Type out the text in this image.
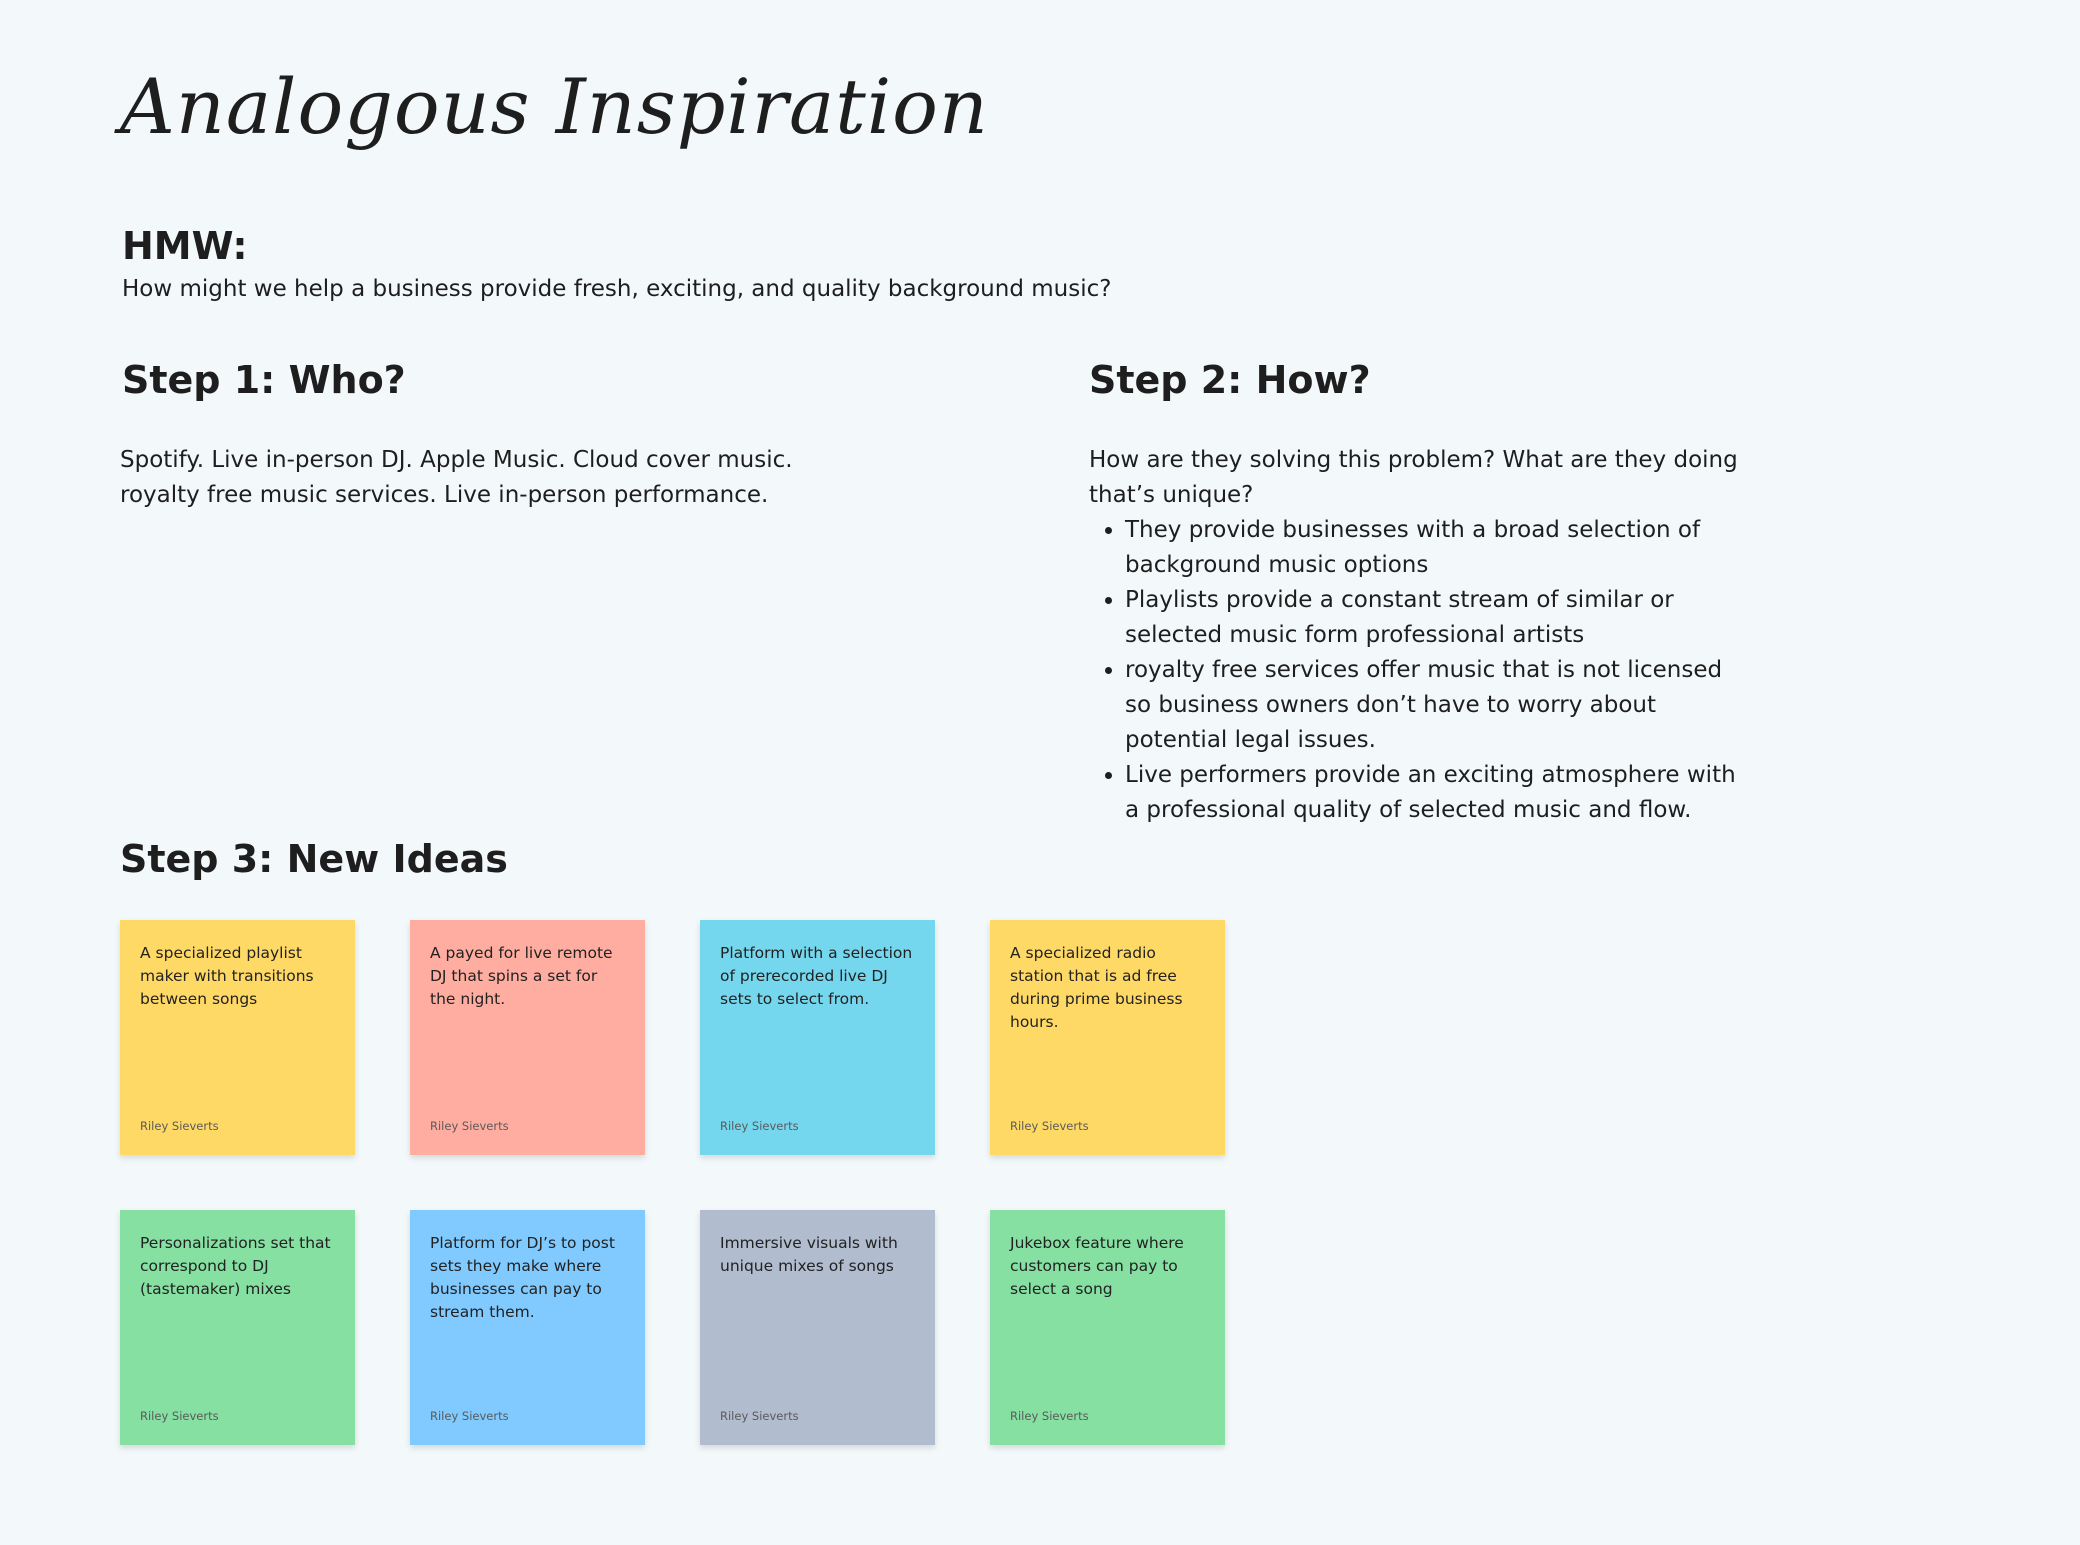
Analogous Inspiration
HMW:
How might we help a business provide fresh, exciting, and quality background music?
Step 1: Who?

Spotify. Live in-person DJ. Apple Music. Cloud cover music.

royalty free music services. Live in-person performance.

Step 2: How?

How are they solving this problem? What are they doing that’s unique?

• They provide businesses with a broad selection of background music options
• Playlists provide a constant stream of similar or selected music form professional artists
• royalty free services offer music that is not licensed so business owners don’t have to worry about potential legal issues.
• Live performers provide an exciting atmosphere with a professional quality of selected music and flow.
Step 3: New Ideas
A specialized playlist maker with transitions between songs
Riley Sieverts
A payed for live remote DJ that spins a set for the night.
Riley Sieverts
Platform with a selection of prerecorded live DJ sets to select from.
Riley Sieverts
A specialized radio station that is ad free during prime business hours.
Riley Sieverts
Personalizations set that correspond to DJ (tastemaker) mixes
Riley Sieverts
Platform for DJ’s to post sets they make where businesses can pay to stream them.
Riley Sieverts
Immersive visuals with unique mixes of songs
Riley Sieverts
Jukebox feature where customers can pay to select a song
Riley Sieverts
